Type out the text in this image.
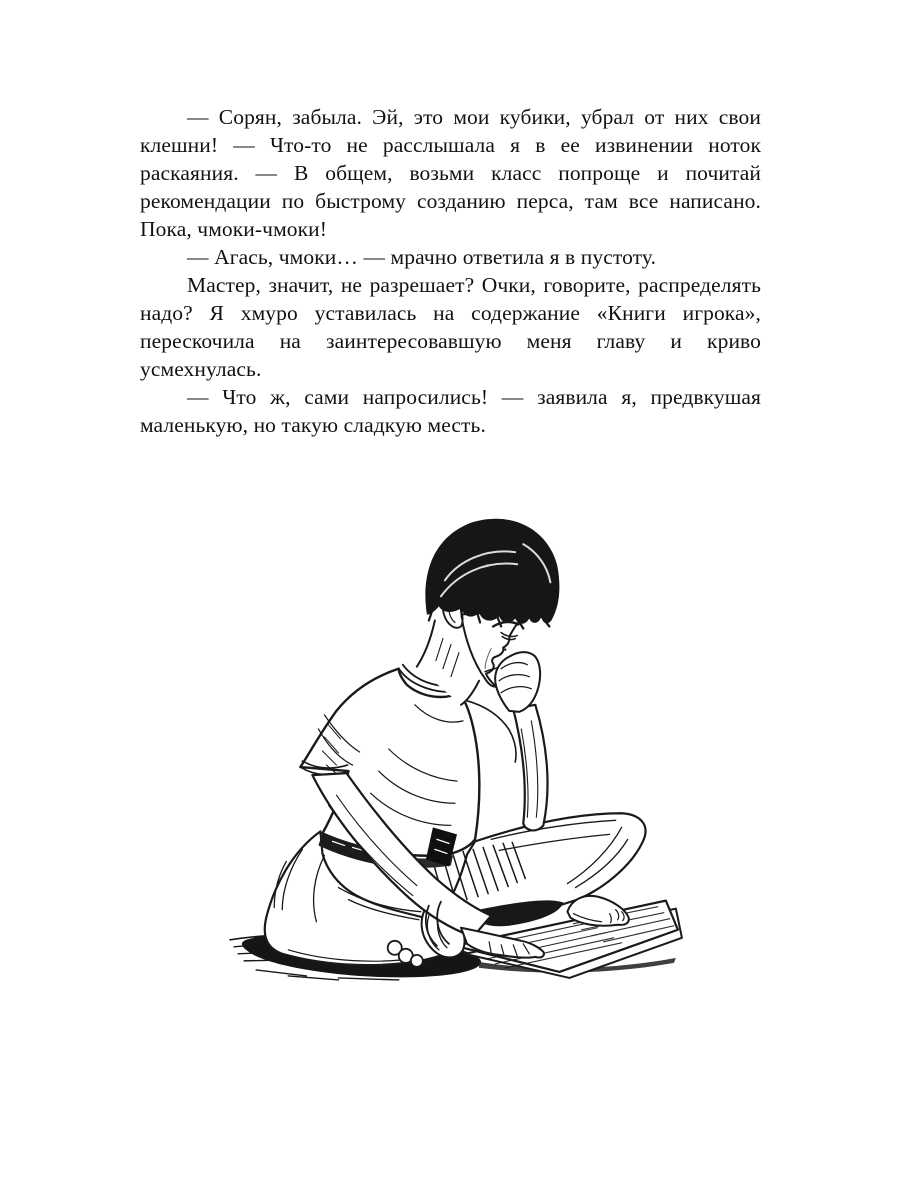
— Сорян, забыла. Эй, это мои кубики, убрал от них свои клешни! — Что-то не расслышала я в ее извинении ноток раскаяния. — В общем, возьми класс попроще и почитай рекомендации по быстрому созданию перса, там все написано. Пока, чмоки-чмоки!

— Агась, чмоки… — мрачно ответила я в пустоту.

Мастер, значит, не разрешает? Очки, говорите, распределять надо? Я хмуро уставилась на содержание «Книги игрока», перескочила на заинтересовавшую меня главу и криво усмехнулась.

— Что ж, сами напросились! — заявила я, предвкушая маленькую, но такую сладкую месть.
